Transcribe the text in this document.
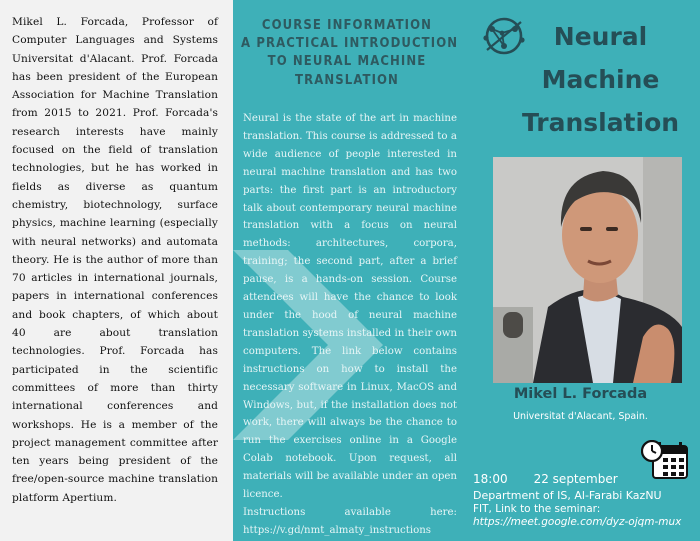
Mikel L. Forcada, Professor of Computer Languages and Systems Universitat d'Alacant. Prof. Forcada has been president of the European Association for Machine Translation from 2015 to 2021. Prof. Forcada's research interests have mainly focused on the field of translation technologies, but he has worked in fields as diverse as quantum chemistry, biotechnology, surface physics, machine learning (especially with neural networks) and automata theory. He is the author of more than 70 articles in international journals, papers in international conferences and book chapters, of which about 40 are about translation technologies. Prof. Forcada has participated in the scientific committees of more than thirty international conferences and workshops. He is a member of the project management committee after ten years being president of the free/open-source machine translation platform Apertium.

COURSE INFORMATION
A PRACTICAL INTRODUCTION
TO NEURAL MACHINE
TRANSLATION
Neural is the state of the art in machine translation. This course is addressed to a wide audience of people interested in neural machine translation and has two parts: the first part is an introductory talk about contemporary neural machine translation with a focus on neural methods: architectures, corpora, training; the second part, after a brief pause, is a hands-on session. Course attendees will have the chance to look under the hood of neural machine translation systems installed in their own computers. The link below contains instructions on how to install the necessary software in Linux, MacOS and Windows, but, if the installation does not work, there will always be the chance to run the exercises online in a Google Colab notebook. Upon request, all materials will be available under an open licence.
Instructions available here:
https://v.gd/nmt_almaty_instructions
Neural
Machine
Translation
Mikel L. Forcada
Universitat d'Alacant, Spain.
18:00 22 september
Department of IS, Al-Farabi KazNU
FIT, Link to the seminar:
https://meet.google.com/dyz-ojqm-mux
